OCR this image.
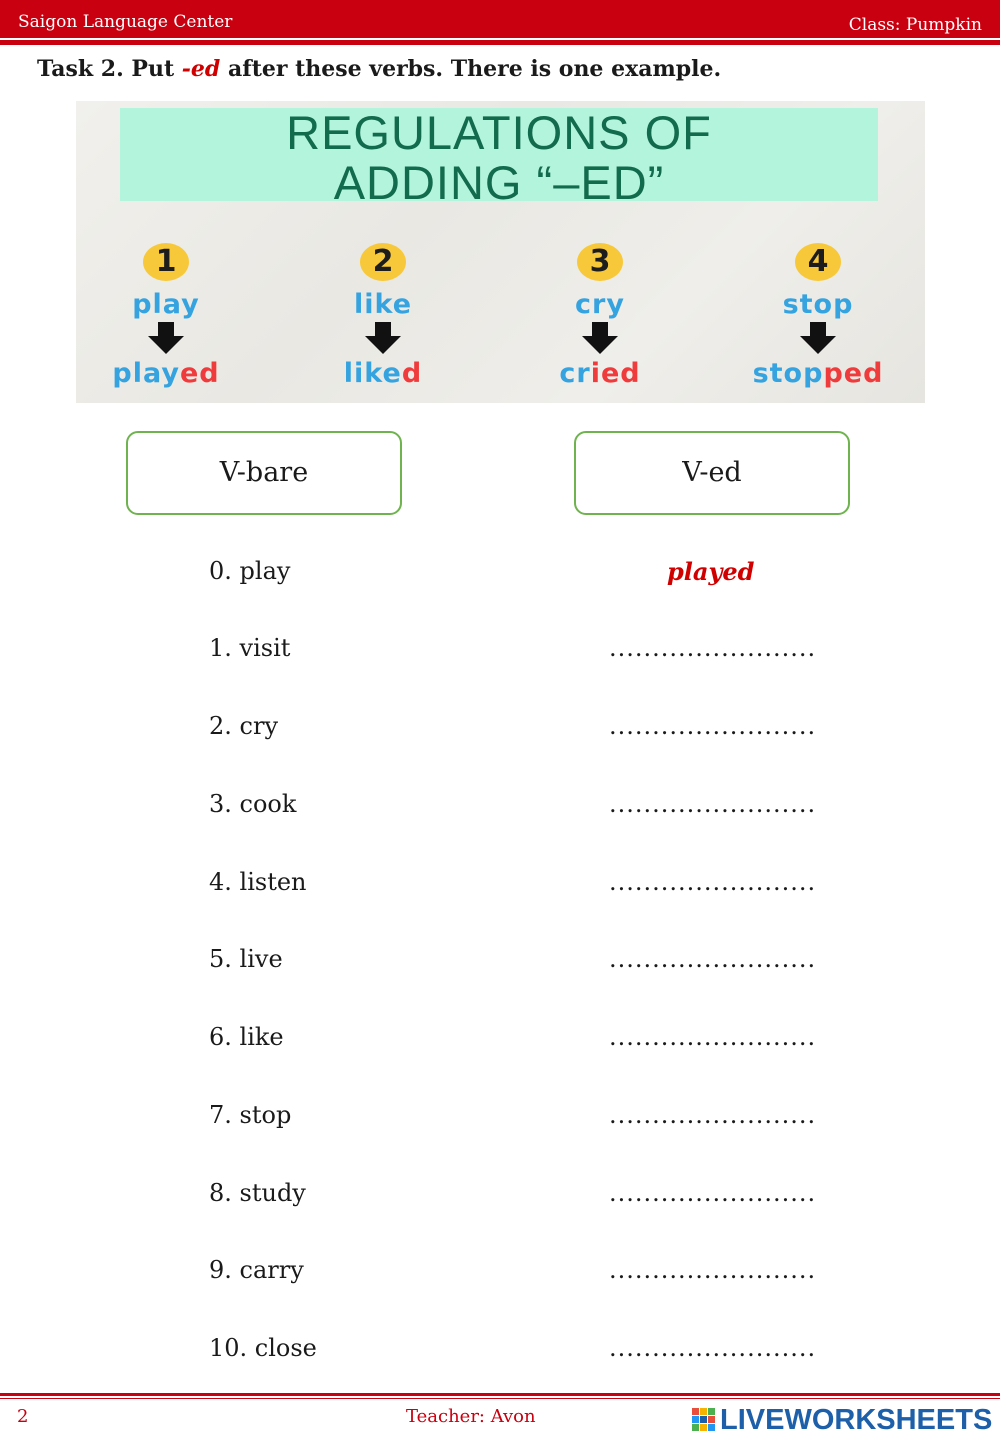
Saigon Language Center	Class: Pumpkin
Task 2. Put -ed after these verbs. There is one example.
REGULATIONS OF
ADDING “–ED”
1
play
played
2
like
liked
3
cry
cried
4
stop
stopped
V-bare	V-ed
0. play	played
1. visit	........................
2. cry	........................
3. cook	........................
4. listen	........................
5. live	........................
6. like	........................
7. stop	........................
8. study	........................
9. carry	........................
10. close	........................
2	Teacher: Avon	LIVEWORKSHEETS
